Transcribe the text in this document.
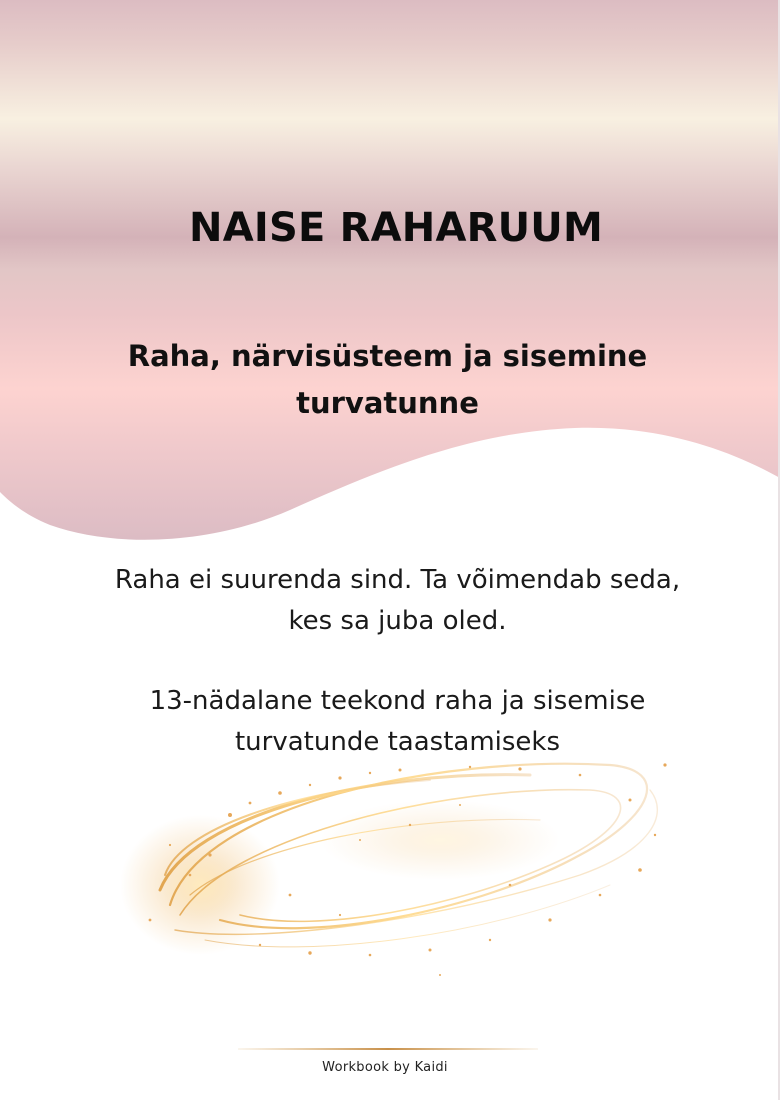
NAISE RAHARUUM

Raha, närvisüsteem ja sisemine turvatunne

Raha ei suurenda sind. Ta võimendab seda, kes sa juba oled.

13-nädalane teekond raha ja sisemise turvatunde taastamiseks

Workbook by Kaidi
